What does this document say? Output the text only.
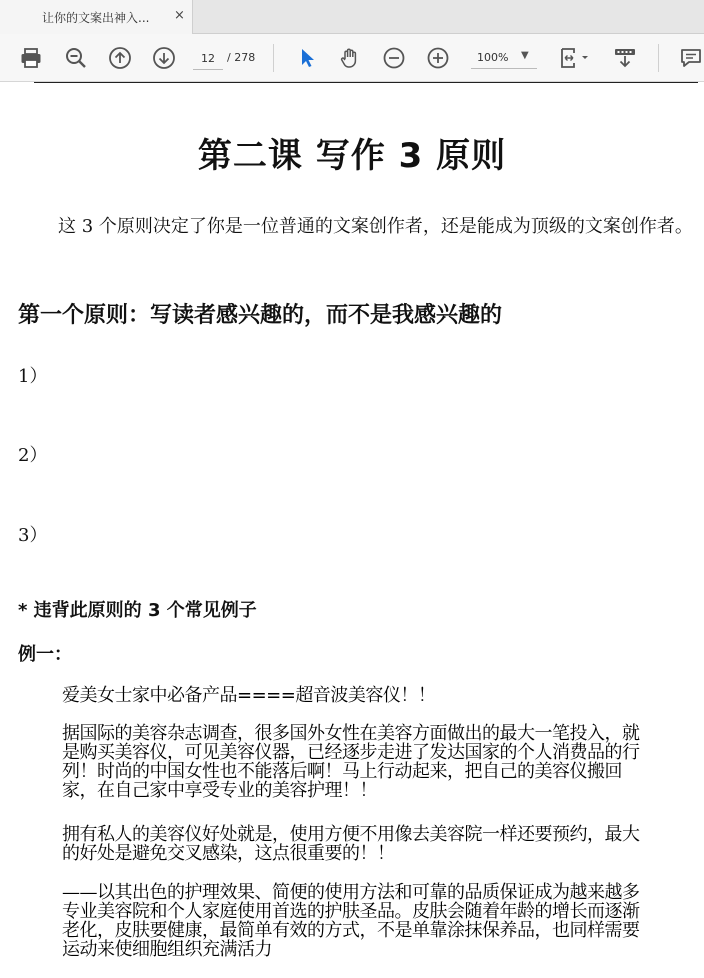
让你的文案出神入... ×
12
/ 278	100% ▼
第二课 写作 3 原则
这 3 个原则决定了你是一位普通的文案创作者，还是能成为顶级的文案创作者。
第一个原则：写读者感兴趣的，而不是我感兴趣的
1）
2）
3）
* 违背此原则的 3 个常见例子
例一：

爱美女士家中必备产品====超音波美容仪！！

据国际的美容杂志调查，很多国外女性在美容方面做出的最大一笔投入，就是购买美容仪，可见美容仪器，已经逐步走进了发达国家的个人消费品的行列！时尚的中国女性也不能落后啊！马上行动起来，把自己的美容仪搬回家，在自己家中享受专业的美容护理！！

拥有私人的美容仪好处就是，使用方便不用像去美容院一样还要预约，最大的好处是避免交叉感染，这点很重要的！！

——以其出色的护理效果、简便的使用方法和可靠的品质保证成为越来越多专业美容院和个人家庭使用首选的护肤圣品。皮肤会随着年龄的增长而逐渐老化，皮肤要健康，最简单有效的方式，不是单靠涂抹保养品，也同样需要运动来使细胞组织充满活力
